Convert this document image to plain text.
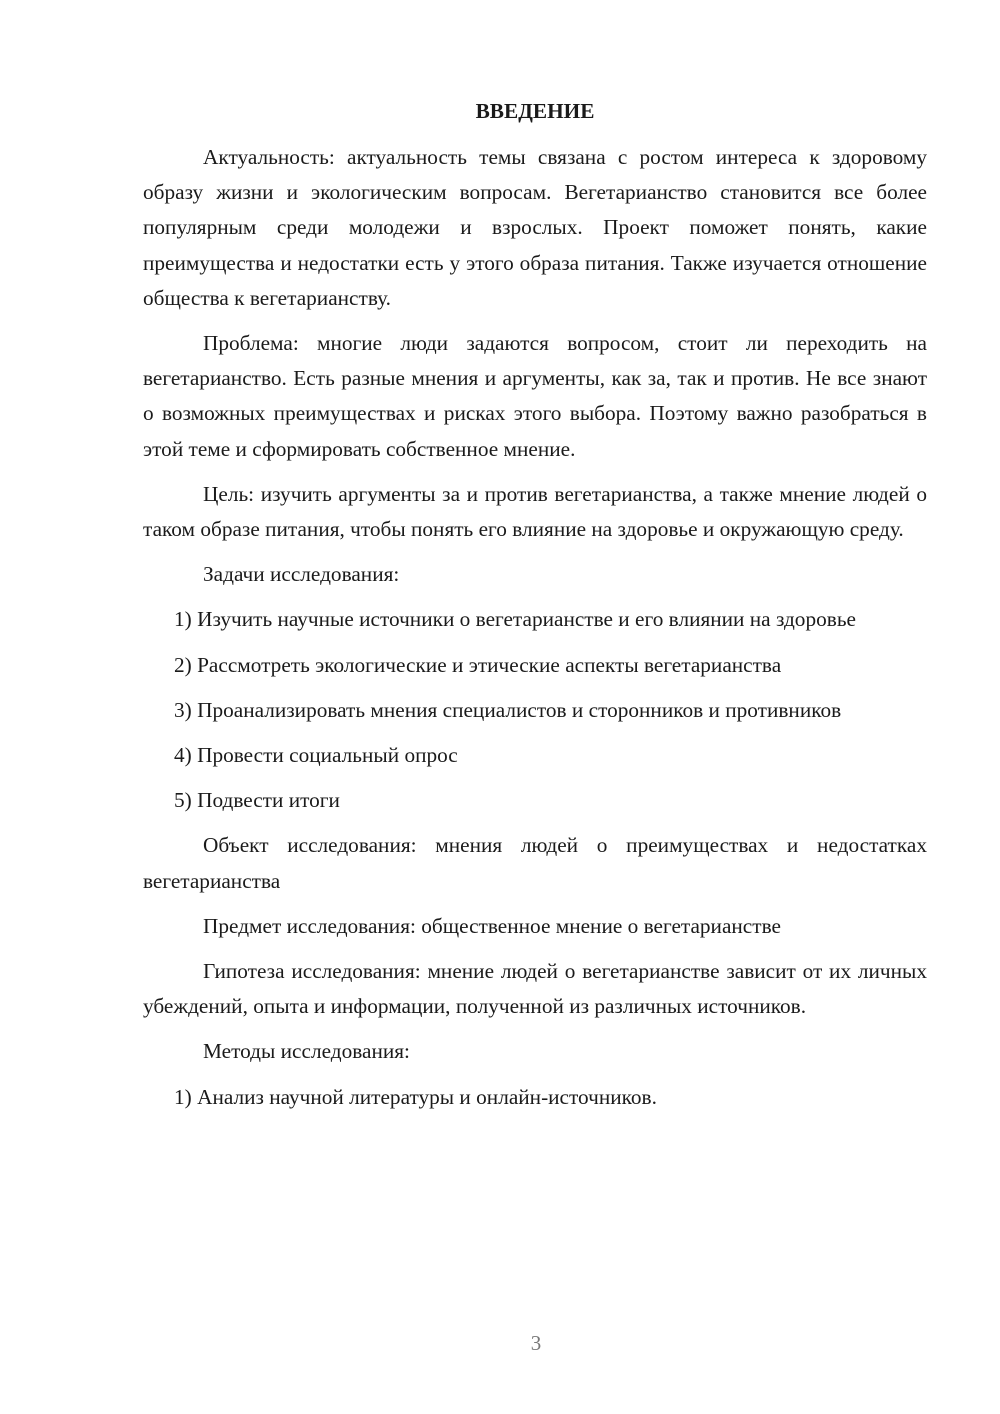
ВВЕДЕНИЕ

Актуальность: актуальность темы связана с ростом интереса к здоровому образу жизни и экологическим вопросам. Вегетарианство становится все более популярным среди молодежи и взрослых. Проект поможет понять, какие преимущества и недостатки есть у этого образа питания. Также изучается отношение общества к вегетарианству.

Проблема: многие люди задаются вопросом, стоит ли переходить на вегетарианство. Есть разные мнения и аргументы, как за, так и против. Не все знают о возможных преимуществах и рисках этого выбора. Поэтому важно разобраться в этой теме и сформировать собственное мнение.

Цель: изучить аргументы за и против вегетарианства, а также мнение людей о таком образе питания, чтобы понять его влияние на здоровье и окружающую среду.

Задачи исследования:

1) Изучить научные источники о вегетарианстве и его влиянии на здоровье

2) Рассмотреть экологические и этические аспекты вегетарианства

3) Проанализировать мнения специалистов и сторонников и противников

4) Провести социальный опрос

5) Подвести итоги

Объект исследования: мнения людей о преимуществах и недостатках вегетарианства

Предмет исследования: общественное мнение о вегетарианстве

Гипотеза исследования: мнение людей о вегетарианстве зависит от их личных убеждений, опыта и информации, полученной из различных источников.

Методы исследования:

1) Анализ научной литературы и онлайн-источников.

3
